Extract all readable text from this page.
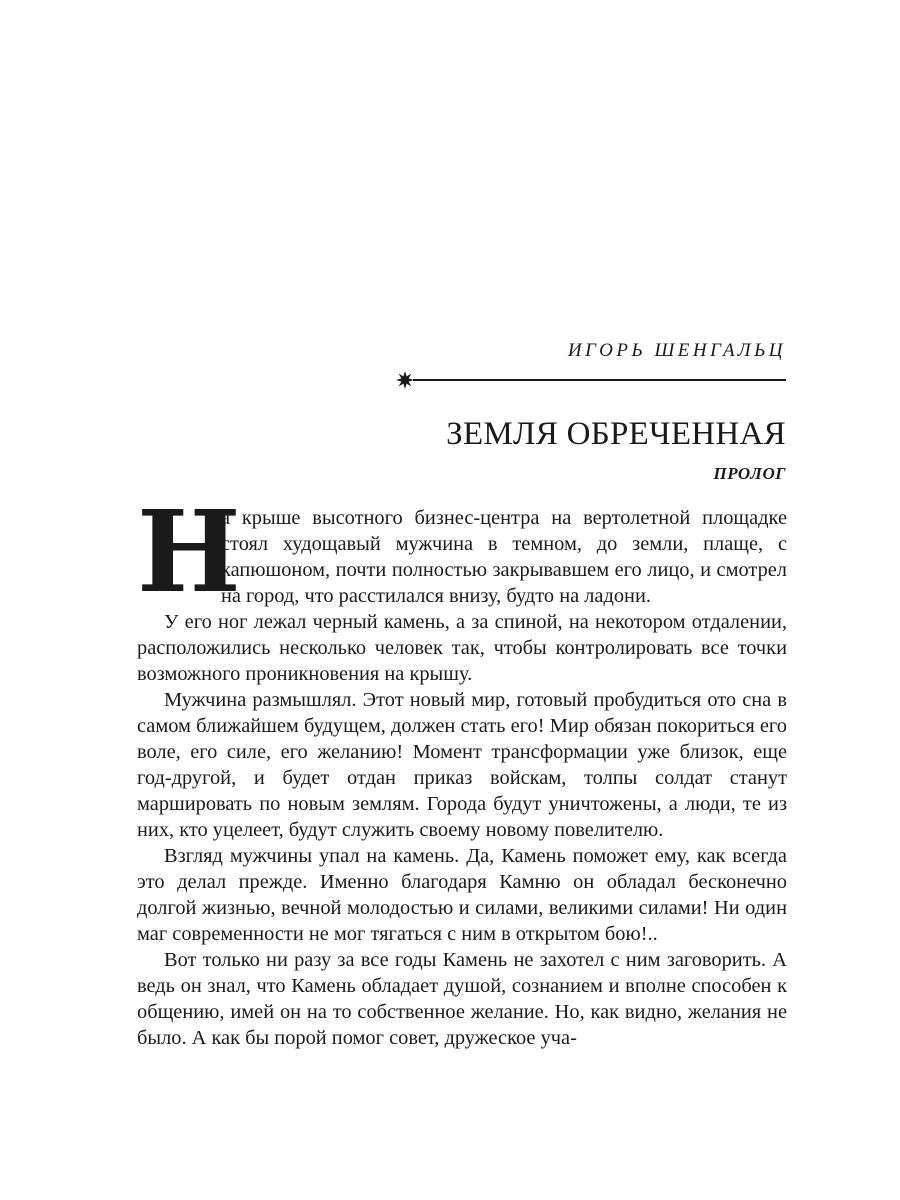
ИГОРЬ ШЕНГАЛЬЦ
ЗЕМЛЯ ОБРЕЧЕННАЯ
ПРОЛОГ

Н
а крыше высотного бизнес-центра на вертолетной площадке стоял худощавый мужчина в темном, до земли, плаще, с капюшоном, почти полностью закрывавшем его лицо, и смотрел на город, что расстилался внизу, будто на ладони.

У его ног лежал черный камень, а за спиной, на некотором отдалении, расположились несколько человек так, чтобы контролировать все точки возможного проникновения на крышу.

Мужчина размышлял. Этот новый мир, готовый пробудиться ото сна в самом ближайшем будущем, должен стать его! Мир обязан покориться его воле, его силе, его желанию! Момент трансформации уже близок, еще год-другой, и будет отдан приказ войскам, толпы солдат станут маршировать по новым землям. Города будут уничтожены, а люди, те из них, кто уцелеет, будут служить своему новому повелителю.

Взгляд мужчины упал на камень. Да, Камень поможет ему, как всегда это делал прежде. Именно благодаря Камню он обладал бесконечно долгой жизнью, вечной молодостью и силами, великими силами! Ни один маг современности не мог тягаться с ним в открытом бою!..

Вот только ни разу за все годы Камень не захотел с ним заговорить. А ведь он знал, что Камень обладает душой, сознанием и вполне способен к общению, имей он на то собственное желание. Но, как видно, желания не было. А как бы порой помог совет, дружеское уча-
